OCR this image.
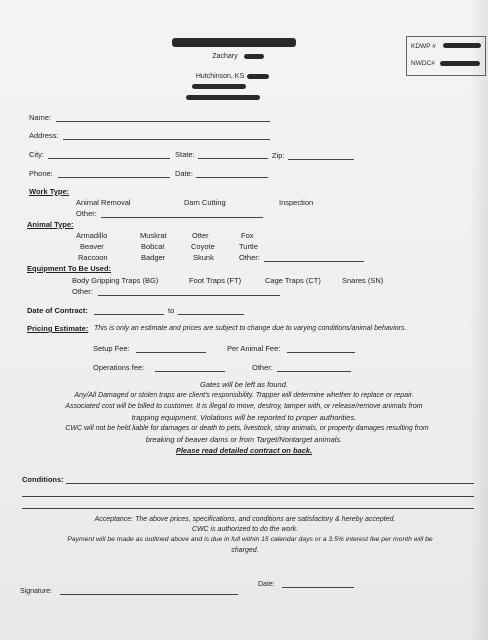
Zachary
Hutchinson, KS
KDWP #
NWDC#
Name:
Address:
City:	State:	Zip:
Phone:	Date:
Work Type:
Animal Removal	Dam Cutting	Inspection
Other:
Animal Type:
Armadillo	Muskrat	Otter	Fox
Beaver	Bobcat	Coyote	Turtle
Raccoon	Badger	Skunk	Other:
Equipment To Be Used:
Body Gripping Traps (BG)	Foot Traps (FT)	Cage Traps (CT)	Snares (SN)
Other:
Date of Contract:	to
Pricing Estimate: This is only an estimate and prices are subject to change due to varying conditions/animal behaviors.
Setup Fee:	Per Animal Fee:
Operations fee:	Other:
Gates will be left as found.
Any/All Damaged or stolen traps are client's responsibility. Trapper will determine whether to replace or repair.
Associated cost will be billed to customer. It is illegal to move, destroy, tamper with, or release/remove animals from
trapping equipment. Violations will be reported to proper authorities.
CWC will not be held liable for damages or death to pets, livestock, stray animals, or property damages resulting from
breaking of beaver dams or from Target/Nontarget animals.
Please read detailed contract on back.
Conditions:
Acceptance: The above prices, specifications, and conditions are satisfactory & hereby accepted.
CWC is authorized to do the work.
Payment will be made as outlined above and is due in full within 15 calendar days or a 3.5% interest fee per month will be
charged.
Signature:
Date:
